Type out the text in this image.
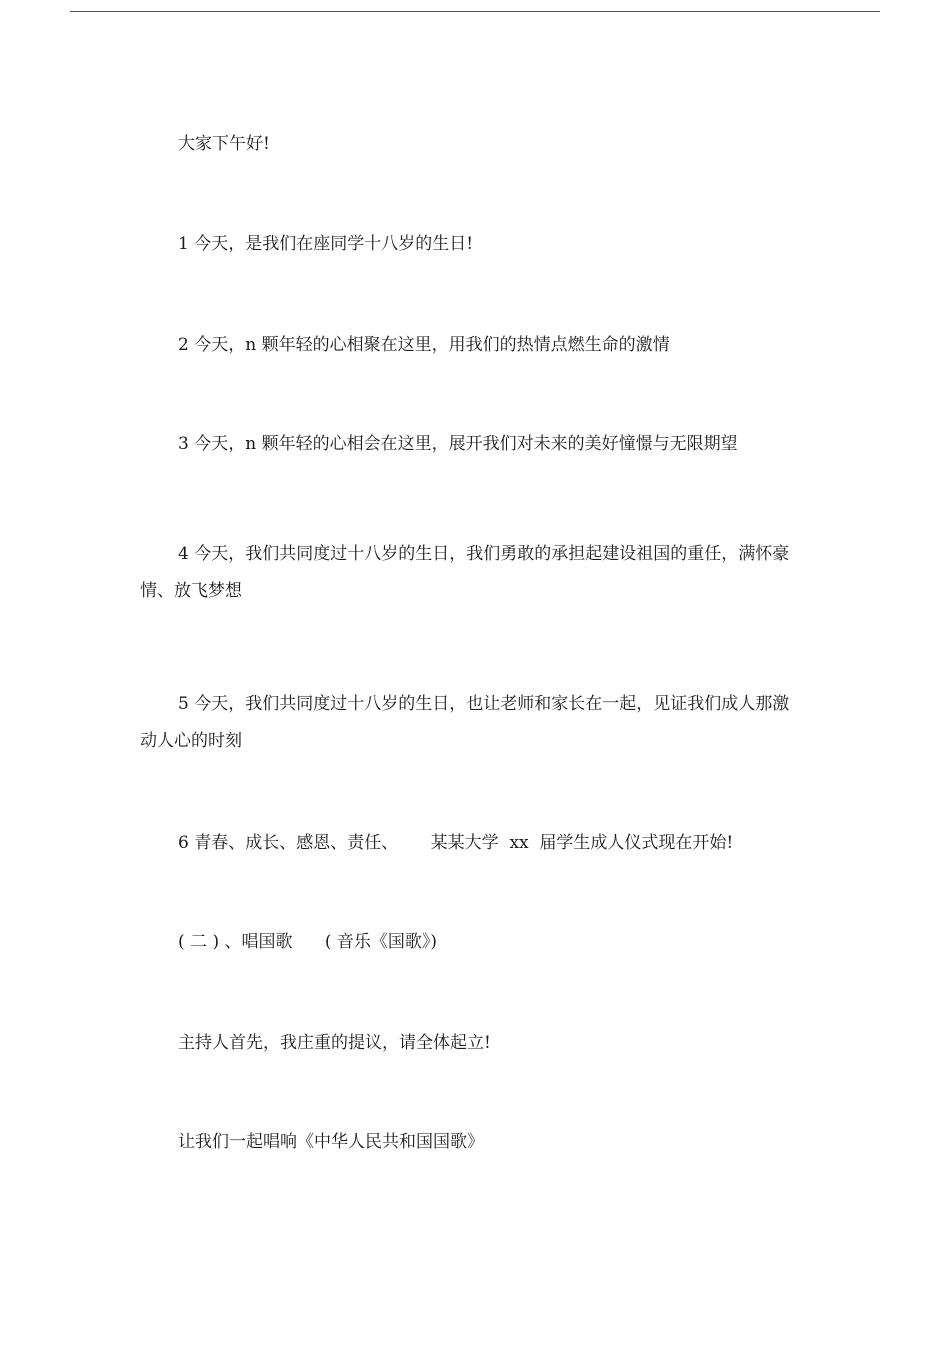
大家下午好!
1 今天，是我们在座同学十八岁的生日!
2 今天，n 颗年轻的心相聚在这里，用我们的热情点燃生命的激情
3 今天，n 颗年轻的心相会在这里，展开我们对未来的美好憧憬与无限期望
4 今天，我们共同度过十八岁的生日，我们勇敢的承担起建设祖国的重任，满怀豪情、放飞梦想
5 今天，我们共同度过十八岁的生日，也让老师和家长在一起，见证我们成人那激动人心的时刻
6 青春、成长、感恩、责任、      某某大学  xx  届学生成人仪式现在开始!
( 二 ) 、唱国歌      ( 音乐《国歌》)
主持人首先，我庄重的提议，请全体起立!
让我们一起唱响《中华人民共和国国歌》
